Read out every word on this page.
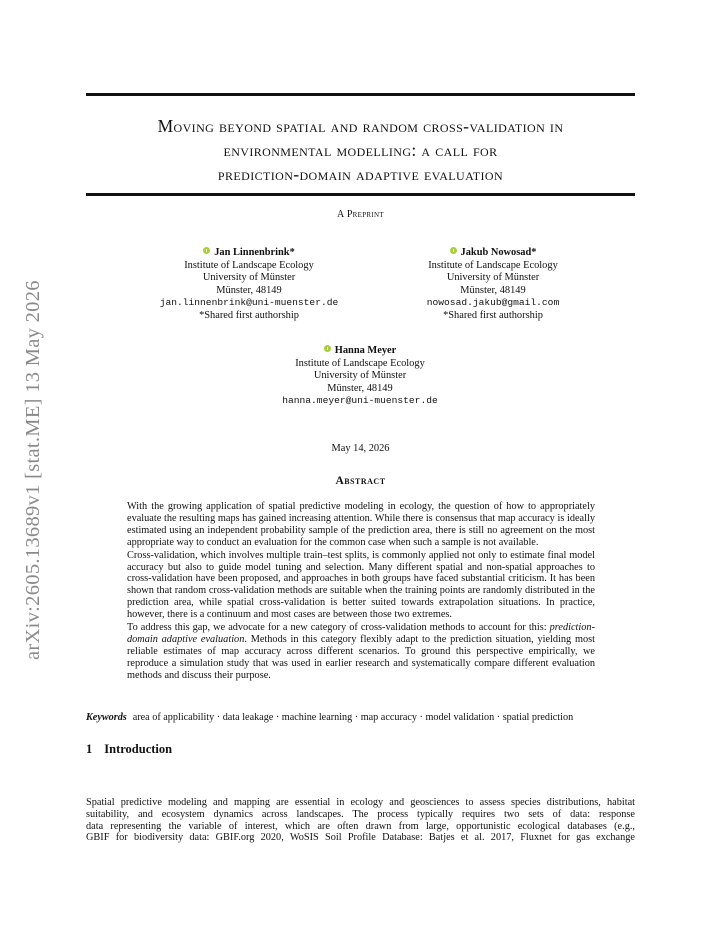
arXiv:2605.13689v1 [stat.ME] 13 May 2026
Moving beyond spatial and random cross-validation in
environmental modelling: a call for
prediction-domain adaptive evaluation
A Preprint
Jan Linnenbrink*
Institute of Landscape Ecology
University of Münster
Münster, 48149
jan.linnenbrink@uni-muenster.de
*Shared first authorship
Jakub Nowosad*
Institute of Landscape Ecology
University of Münster
Münster, 48149
nowosad.jakub@gmail.com
*Shared first authorship
Hanna Meyer
Institute of Landscape Ecology
University of Münster
Münster, 48149
hanna.meyer@uni-muenster.de
May 14, 2026
Abstract

With the growing application of spatial predictive modeling in ecology, the question of how to appropriately evaluate the resulting maps has gained increasing attention. While there is consensus that map accuracy is ideally estimated using an independent probability sample of the prediction area, there is still no agreement on the most appropriate way to conduct an evaluation for the common case when such a sample is not available.

Cross-validation, which involves multiple train–test splits, is commonly applied not only to estimate final model accuracy but also to guide model tuning and selection. Many different spatial and non-spatial approaches to cross-validation have been proposed, and approaches in both groups have faced substantial criticism. It has been shown that random cross-validation methods are suitable when the training points are randomly distributed in the prediction area, while spatial cross-validation is better suited towards extrapolation situations. In practice, however, there is a continuum and most cases are between those two extremes.

To address this gap, we advocate for a new category of cross-validation methods to account for this: prediction-domain adaptive evaluation. Methods in this category flexibly adapt to the prediction situation, yielding most reliable estimates of map accuracy across different scenarios. To ground this perspective empirically, we reproduce a simulation study that was used in earlier research and systematically compare different evaluation methods and discuss their purpose.

Keywords area of applicability · data leakage · machine learning · map accuracy · model validation · spatial prediction
1 Introduction
Spatial predictive modeling and mapping are essential in ecology and geosciences to assess species distributions, habitat
suitability, and ecosystem dynamics across landscapes. The process typically requires two sets of data: response
data representing the variable of interest, which are often drawn from large, opportunistic ecological databases (e.g.,
GBIF for biodiversity data: GBIF.org 2020, WoSIS Soil Profile Database: Batjes et al. 2017, Fluxnet for gas exchange
